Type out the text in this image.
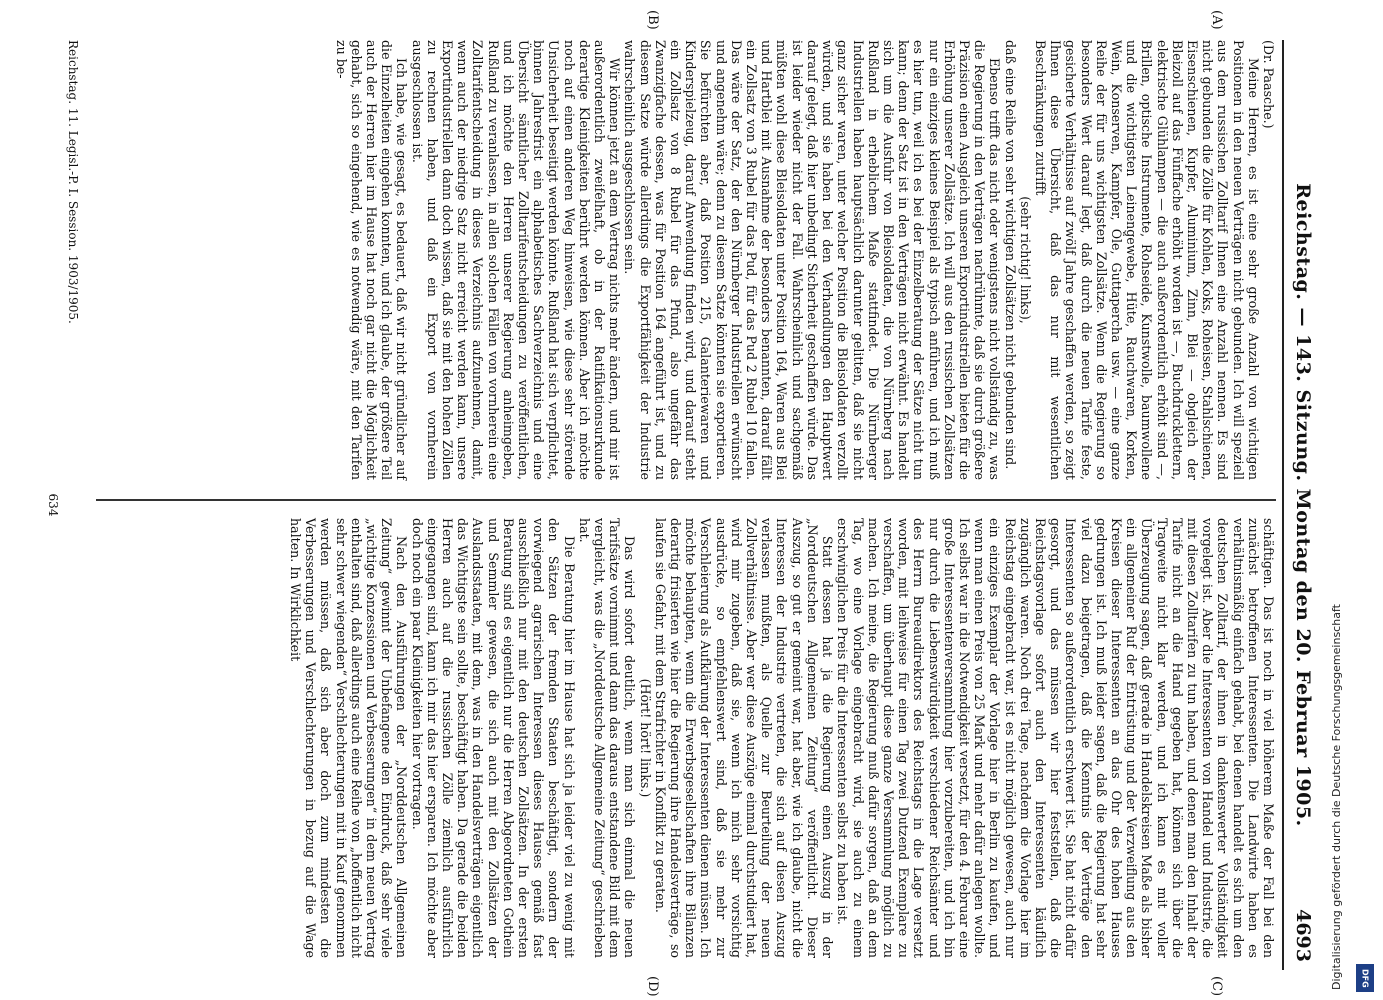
Reichstag. — 143. Sitzung. Montag den 20. Februar 1905.
4693
(A)
(B)
(C)
(D)

(Dr. Paasche.)

Meine Herren, es ist eine sehr große Anzahl von wichtigen Positionen in den neuen Verträgen nicht gebunden. Ich will speziell aus dem russischen Zolltarif Ihnen eine Anzahl nennen. Es sind nicht gebunden die Zölle für Kohlen, Koks, Roheisen, Stahlschienen, Eisenschienen, Kupfer, Aluminium, Zinn, Blei — obgleich der Bleizoll auf das Fünffache erhöht worden ist —, Buchdrucklettern, elektrische Glühlampen — die auch außerordentlich erhöht sind —, Brillen, optische Instrumente, Rohseide, Kunstwolle, baumwollene und die wichtigsten Leinengewebe, Hüte, Rauchwaren, Korken, Wein, Konserven, Kampfer, Öle, Guttapercha usw. — eine ganze Reihe der für uns wichtigsten Zollsätze. Wenn die Regierung so besonders Wert darauf legt, daß durch die neuen Tarife feste, gesicherte Verhältnisse auf zwölf Jahre geschaffen werden, so zeigt Ihnen diese Übersicht, daß das nur mit wesentlichen Beschränkungen zutrifft

(sehr richtig! links),

daß eine Reihe von sehr wichtigen Zollsätzen nicht gebunden sind.

Ebenso trifft das nicht oder wenigstens nicht vollständig zu, was die Regierung in den Verträgen nachrühmte, daß sie durch größere Präzision einen Ausgleich unseren Exportindustriellen bieten für die Erhöhung unserer Zollsätze. Ich will aus den russischen Zollsätzen nur ein einziges kleines Beispiel als typisch anführen, und ich muß es hier tun, weil ich es bei der Einzelberatung der Sätze nicht tun kann; denn der Satz ist in den Verträgen nicht erwähnt. Es handelt sich um die Ausfuhr von Bleisoldaten, die von Nürnberg nach Rußland in erheblichem Maße stattfindet. Die Nürnberger Industriellen haben hauptsächlich darunter gelitten, daß sie nicht ganz sicher waren, unter welcher Position die Bleisoldaten verzollt würden, und sie haben bei den Verhandlungen den Hauptwert darauf gelegt, daß hier unbedingt Sicherheit geschaffen würde. Das ist leider wieder nicht der Fall. Wahrscheinlich und sachgemäß müßten wohl diese Bleisoldaten unter Position 164, Waren aus Blei und Hartblei mit Ausnahme der besonders benannten, darauf fällt ein Zollsatz von 3 Rubel für das Pud, für das Pud 2 Rubel 10 fallen. Das wäre der Satz, der den Nürnberger Industriellen erwünscht und angenehm wäre; denn zu diesem Satze könnten sie exportieren. Sie befürchten aber, daß Position 215, Galanteriewaren und Kinderspielzeug, darauf Anwendung finden wird, und darauf steht ein Zollsatz von 8 Rubel für das Pfund, also ungefähr das Zwanzigfache dessen, was für Position 164 angeführt ist, und zu diesem Satze würde allerdings die Exportfähigkeit der Industrie wahrscheinlich ausgeschlossen sein.

Wir können jetzt an dem Vertrag nichts mehr ändern, und mir ist außerordentlich zweifelhaft, ob in der Ratifikationsurkunde derartige Kleinigkeiten berührt werden können. Aber ich möchte noch auf einen anderen Weg hinweisen, wie diese sehr störende Unsicherheit beseitigt werden könnte. Rußland hat sich verpflichtet, binnen Jahresfrist ein alphabetisches Sachverzeichnis und eine Übersicht sämtlicher Zolltarifentscheidungen zu veröffentlichen, und ich möchte den Herren unserer Regierung anheimgeben, Rußland zu veranlassen, in allen solchen Fällen von vornherein eine Zolltarifentscheidung in dieses Verzeichnis aufzunehmen, damit, wenn auch der niedrige Satz nicht erreicht werden kann, unsere Exportindustriellen dann doch wissen, daß sie mit den hohen Zöllen zu rechnen haben, und daß ein Export von vornherein ausgeschlossen ist.

Ich habe, wie gesagt, es bedauert, daß wir nicht gründlicher auf die Einzelheiten eingehen konnten, und ich glaube, der größere Teil auch der Herren hier im Hause hat noch gar nicht die Möglichkeit gehabt, sich so eingehend, wie es notwendig wäre, mit den Tarifen zu be-

schäftigen. Das ist noch in viel höherem Maße der Fall bei den zunächst betroffenen Interessenten. Die Landwirte haben es verhältnismäßig einfach gehabt, bei denen handelt es sich um den deutschen Zolltarif, der ihnen in dankenswerter Vollständigkeit vorgelegt ist. Aber die Interessenten von Handel und Industrie, die mit diesen Zolltarifen zu tun haben, und denen man den Inhalt der Tarife nicht an die Hand gegeben hat, können sich über die Tragweite nicht klar werden, und ich kann es mit voller Überzeugung sagen, daß gerade in Handelskreisen Maße als bisher ein allgemeiner Ruf der Entrüstung und der Verzweiflung aus den Kreisen dieser Interessenten an das Ohr des hohen Hauses gedrungen ist. Ich muß leider sagen, daß die Regierung hat sehr viel dazu beigetragen, daß die Kenntnis der Verträge den Interessenten so außerordentlich erschwert ist. Sie hat nicht dafür gesorgt, und das müssen wir hier feststellen, daß die Reichstagsvorlage sofort auch den Interessenten käuflich zugänglich waren. Noch drei Tage, nachdem die Vorlage hier im Reichstag eingebracht war, ist es nicht möglich gewesen, auch nur ein einziges Exemplar der Vorlage hier in Berlin zu kaufen, und wenn man einen Preis von 25 Mark und mehr dafür anlegen wollte. Ich selbst war in die Notwendigkeit versetzt, für den 4. Februar eine große Interessentenversammlung hier vorzubereiten, und ich bin nur durch die Liebenswürdigkeit verschiedener Reichsämter und des Herrn Bureaudirektors des Reichstags in die Lage versetzt worden, mit leihweise für einen Tag zwei Dutzend Exemplare zu verschaffen, um überhaupt diese ganze Versammlung möglich zu machen. Ich meine, die Regierung muß dafür sorgen, daß an dem Tag, wo eine Vorlage eingebracht wird, sie auch zu einem erschwinglichen Preis für die Interessenten selbst zu haben ist.

Statt dessen hat ja die Regierung einen Auszug in der „Norddeutschen Allgemeinen Zeitung“ veröffentlicht. Dieser Auszug, so gut er gemeint war, hat aber, wie ich glaube, nicht die Interessen der Industrie vertreten, die sich auf diesen Auszug verlassen mußten, als Quelle zur Beurteilung der neuen Zollverhältnisse. Aber wer diese Auszüge einmal durchstudiert hat, wird mir zugeben, daß sie, wenn ich mich sehr vorsichtig ausdrücke, so empfehlenswert sind, daß sie mehr zur Verschleierung als Aufklärung der Interessenten dienen müssen. Ich möchte behaupten, wenn die Erwerbsgesellschaften ihre Bilanzen derartig frisierten wie hier die Regierung ihre Handelsverträge, so laufen sie Gefahr, mit dem Strafrichter in Konflikt zu geraten.

(Hört! hört! links.)

Das wird sofort deutlich, wenn man sich einmal die neuen Tarifsätze vornimmt und dann das daraus entstandene Bild mit dem vergleicht, was die „Norddeutsche Allgemeine Zeitung“ geschrieben hat.

Die Beratung hier im Hause hat sich ja leider viel zu wenig mit den Sätzen der fremden Staaten beschäftigt, sondern der vorwiegend agrarischen Interessen dieses Hauses gemäß fast ausschließlich nur mit den deutschen Zollsätzen. In der ersten Beratung sind es eigentlich nur die Herren Abgeordneten Gothein und Semmler gewesen, die sich auch mit den Zollsätzen der Auslandsstaaten, mit dem, was in den Handelsverträgen eigentlich das Wichtigste sein sollte, beschäftigt haben. Da gerade die beiden Herren auch auf die russischen Zölle ziemlich ausführlich eingegangen sind, kann ich mir das hier ersparen. Ich möchte aber doch noch ein paar Kleinigkeiten hier vortragen.

Nach den Ausführungen der „Norddeutschen Allgemeinen Zeitung“ gewinnt der Unbefangene den Eindruck, daß sehr viele „wichtige Konzessionen und Verbesserungen“ in dem neuen Vertrag enthalten sind, daß allerdings auch eine Reihe von „hoffentlich nicht sehr schwer wiegenden“ Verschlechterungen mit in Kauf genommen werden müssen, daß sich aber doch zum mindesten die Verbesserungen und Verschlechterungen in bezug auf die Wage halten. In Wirklichkeit

Reichstag. 11. Legisl.-P. I. Session. 1903/1905.
634
Digitalisierung gefördert durch die Deutsche Forschungsgemeinschaft	DFG
